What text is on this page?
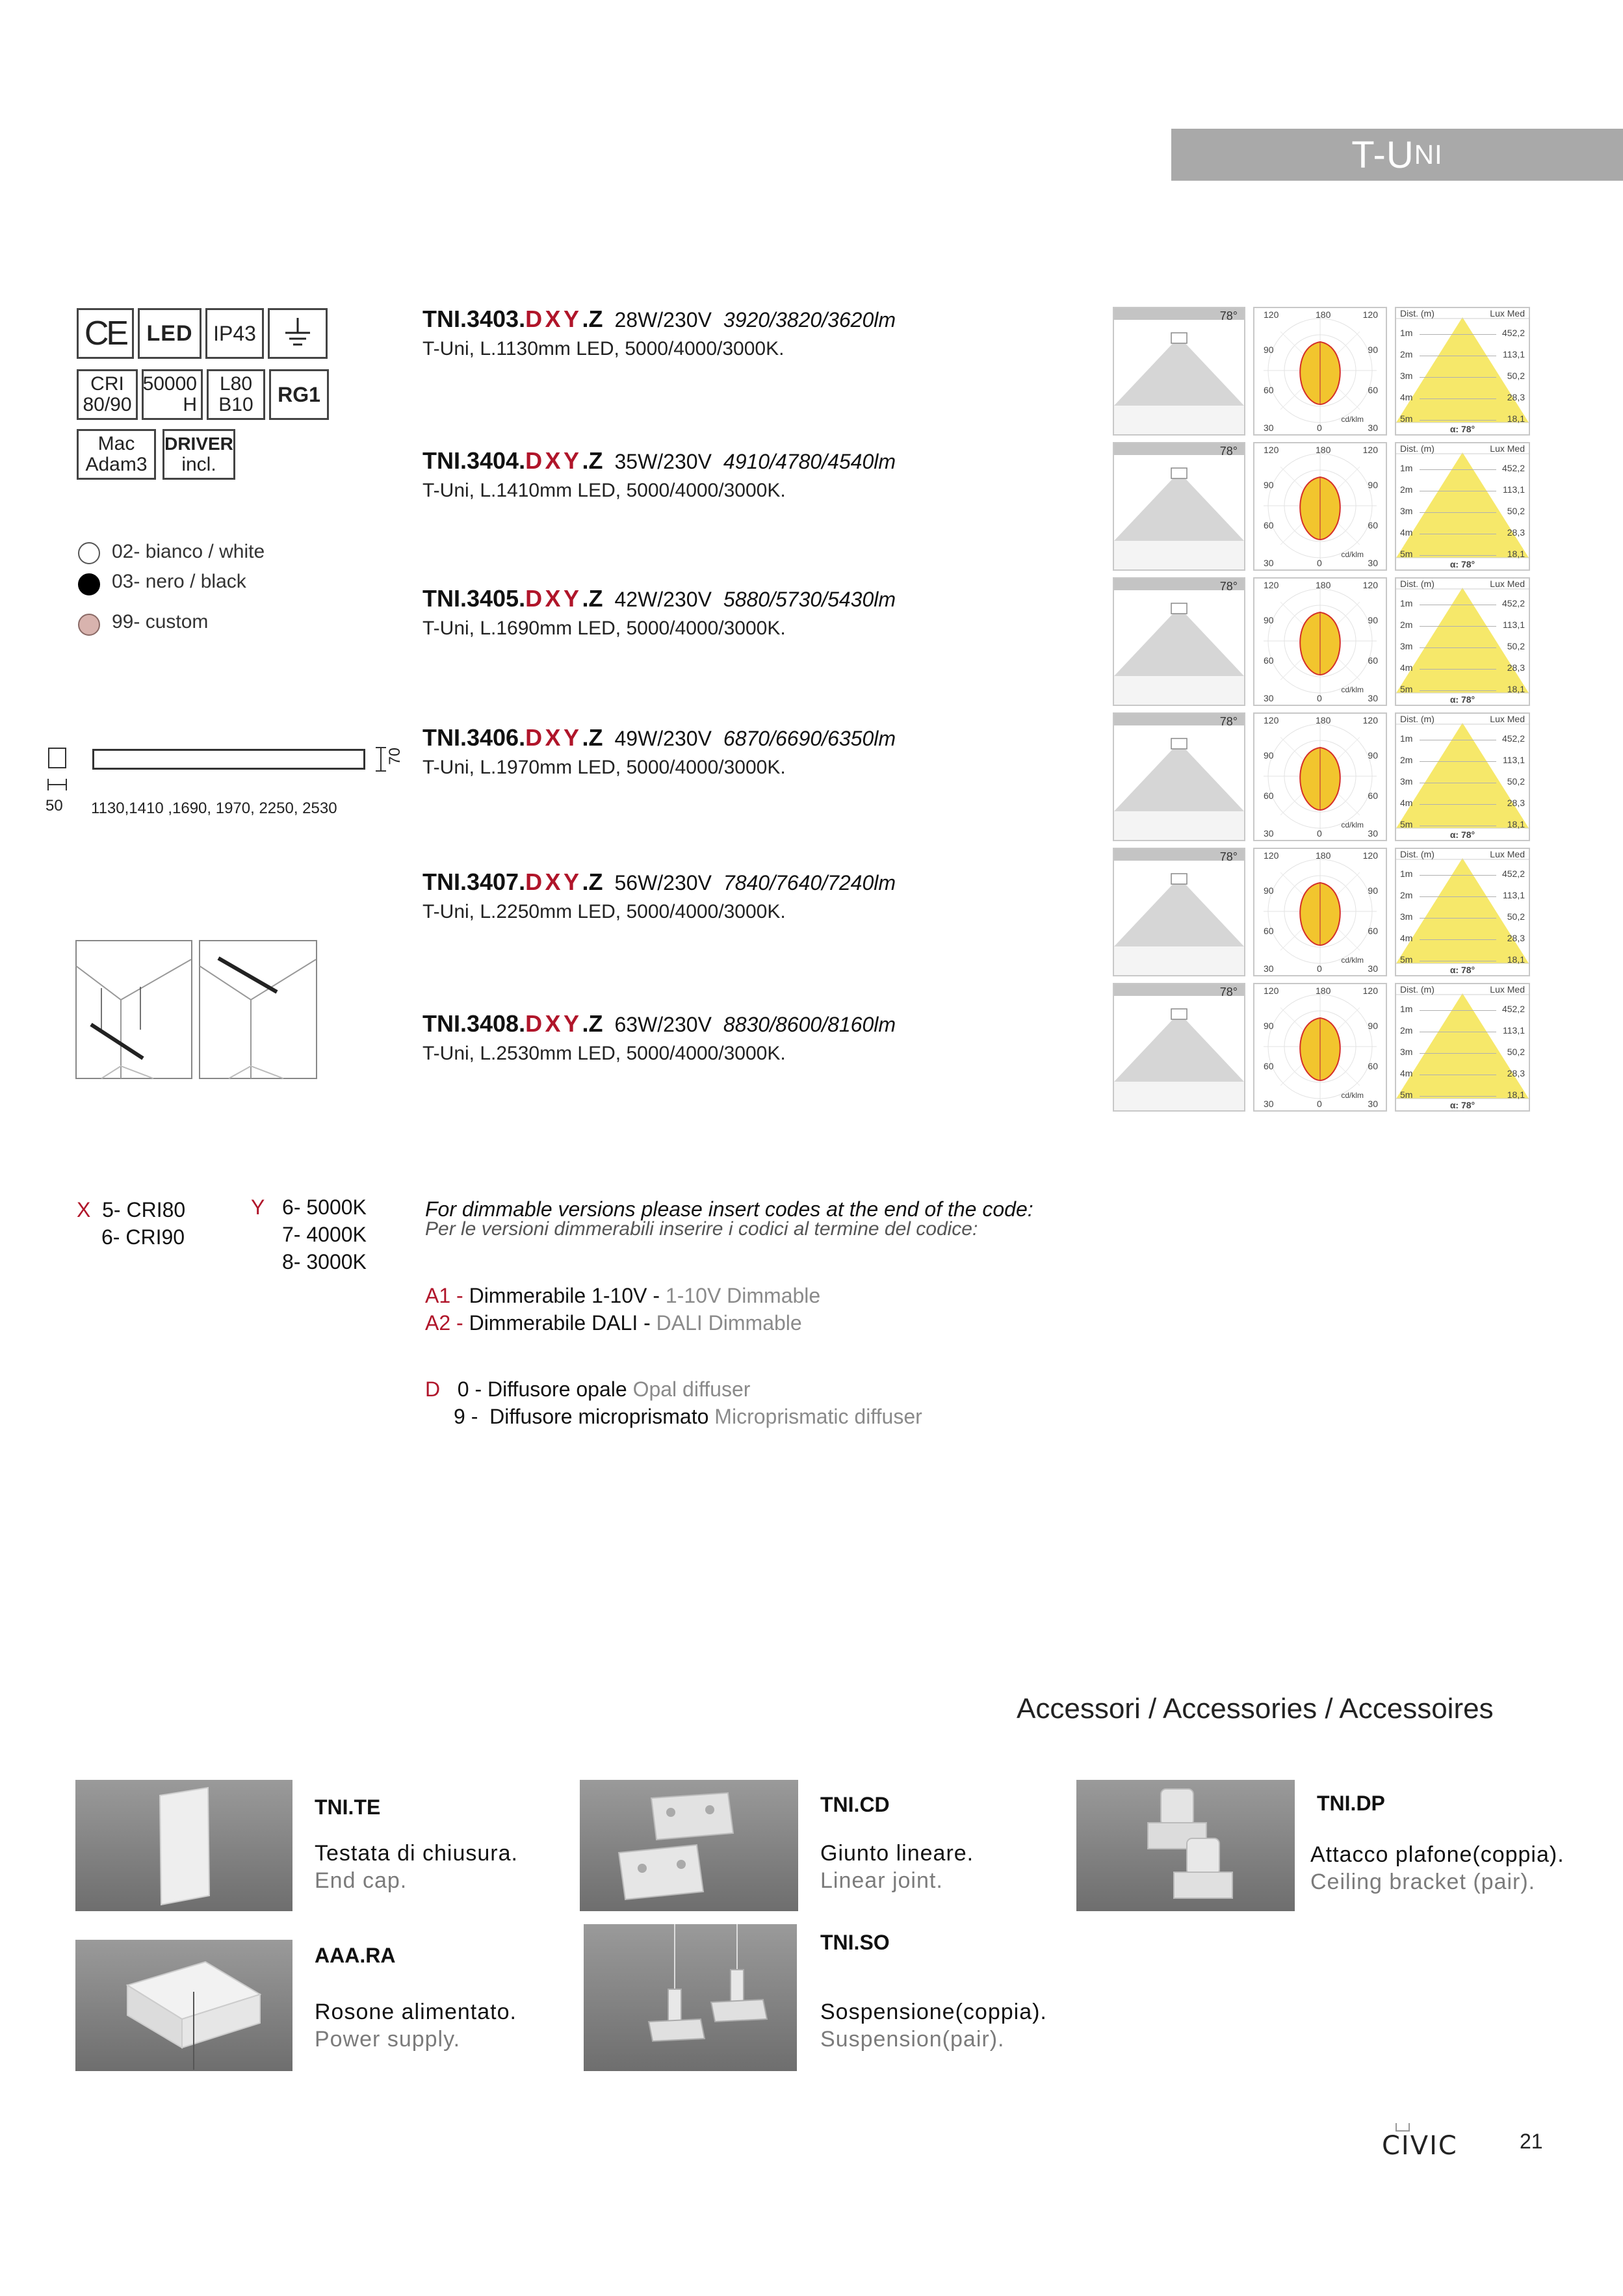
T-U NI
CE LED IP43
CRI
80/90
50000
H
L80
B10 RG1
Mac
Adam3
DRIVER
incl.
02- bianco / white
03- nero / black
99- custom
50
70
1130,1410 ,1690, 1970, 2250, 2530
TNI.3403.D X Y .Z 28W/230V 3920/3820/3620lm
T-Uni, L.1130mm LED, 5000/4000/3000K.
TNI.3404.D X Y .Z 35W/230V 4910/4780/4540lm
T-Uni, L.1410mm LED, 5000/4000/3000K.
TNI.3405.D X Y .Z 42W/230V 5880/5730/5430lm
T-Uni, L.1690mm LED, 5000/4000/3000K.
TNI.3406.D X Y .Z 49W/230V 6870/6690/6350lm
T-Uni, L.1970mm LED, 5000/4000/3000K.
TNI.3407.D X Y .Z 56W/230V 7840/7640/7240lm
T-Uni, L.2250mm LED, 5000/4000/3000K.
TNI.3408.D X Y .Z 63W/230V 8830/8600/8160lm
T-Uni, L.2530mm LED, 5000/4000/3000K.
78°	120	180	120
90	90
60	60
30	0	30
cd/klm
Dist. (m)	Lux Med
1m	452,2
2m	113,1
3m	50,2
4m	28,3
5m	18,1
α: 78°
78°	120	180	120
90	90
60	60
30	0	30
cd/klm
Dist. (m)	Lux Med
1m	452,2
2m	113,1
3m	50,2
4m	28,3
5m	18,1
α: 78°
78°	120	180	120
90	90
60	60
30	0	30
cd/klm
Dist. (m)	Lux Med
1m	452,2
2m	113,1
3m	50,2
4m	28,3
5m	18,1
α: 78°
78°	120	180	120
90	90
60	60
30	0	30
cd/klm
Dist. (m)	Lux Med
1m	452,2
2m	113,1
3m	50,2
4m	28,3
5m	18,1
α: 78°
78°	120	180	120
90	90
60	60
30	0	30
cd/klm
Dist. (m)	Lux Med
1m	452,2
2m	113,1
3m	50,2
4m	28,3
5m	18,1
α: 78°
78°	120	180	120
90	90
60	60
30	0	30
cd/klm
Dist. (m)	Lux Med
1m	452,2
2m	113,1
3m	50,2
4m	28,3
5m	18,1
α: 78°
X 5- CRI80
6- CRI90
Y 6- 5000K
7- 4000K
8- 3000K
For dimmable versions please insert codes at the end of the code:
Per le versioni dimmerabili inserire i codici al termine del codice:
A1 - Dimmerabile 1-10V - 1-10V Dimmable
A2 - Dimmerabile DALI - DALI Dimmable
D 0 - Diffusore opale Opal diffuser
9 -  Diffusore microprismato Microprismatic diffuser
Accessori / Accessories / Accessoires
TNI.TE
Testata di chiusura.
End cap.
TNI.CD
Giunto lineare.
Linear joint.
TNI.DP
Attacco plafone(coppia).
Ceiling bracket (pair).
AAA.RA
Rosone alimentato.
Power supply.
TNI.SO
Sospensione(coppia).
Suspension(pair).
CIVIC	21
